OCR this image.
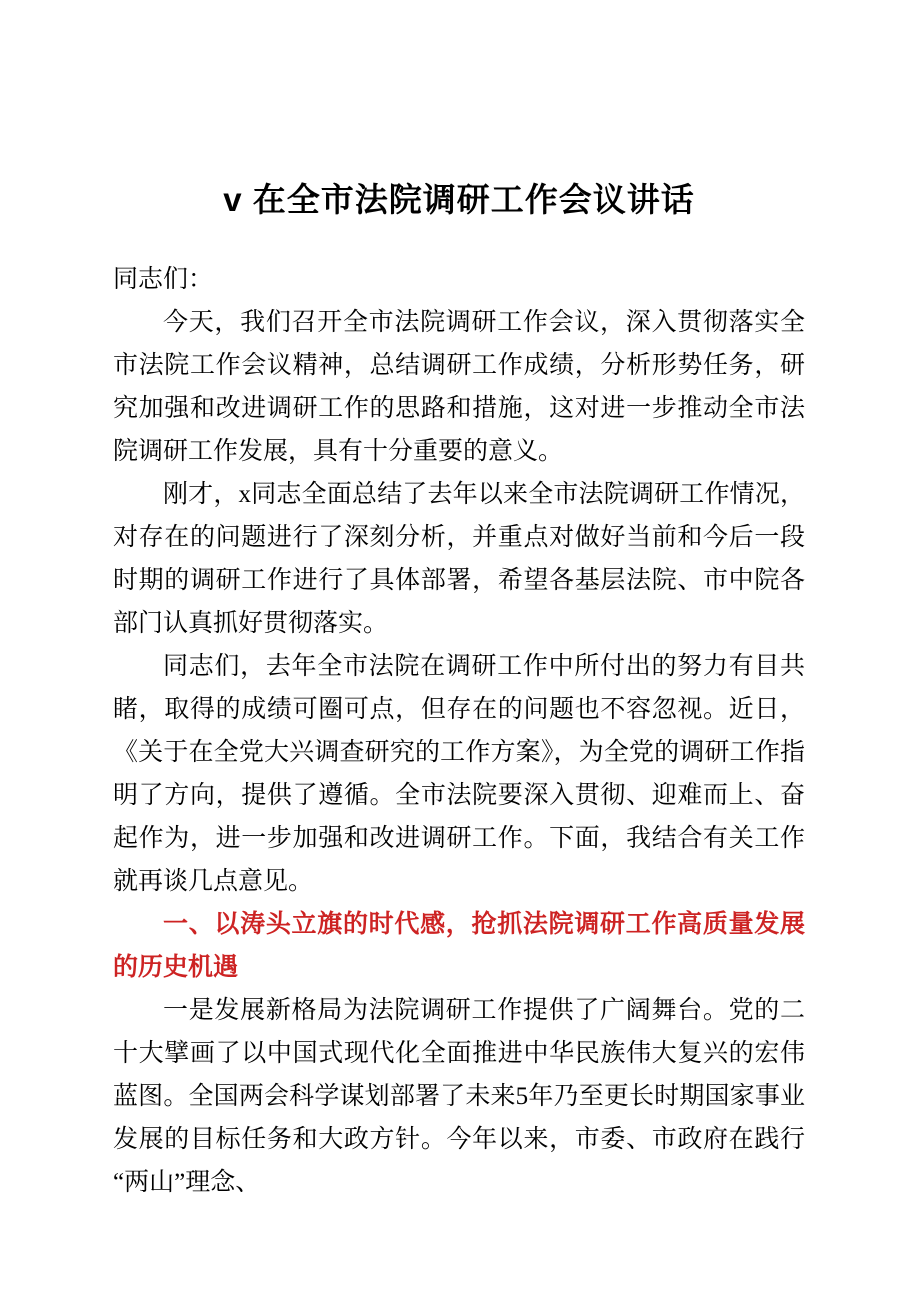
v 在全市法院调研工作会议讲话

同志们：

今天，我们召开全市法院调研工作会议，深入贯彻落实全市法院工作会议精神，总结调研工作成绩，分析形势任务，研究加强和改进调研工作的思路和措施，这对进一步推动全市法院调研工作发展，具有十分重要的意义。

刚才，x同志全面总结了去年以来全市法院调研工作情况，对存在的问题进行了深刻分析，并重点对做好当前和今后一段时期的调研工作进行了具体部署，希望各基层法院、市中院各部门认真抓好贯彻落实。

同志们，去年全市法院在调研工作中所付出的努力有目共睹，取得的成绩可圈可点，但存在的问题也不容忽视。近日，《关于在全党大兴调查研究的工作方案》，为全党的调研工作指明了方向，提供了遵循。全市法院要深入贯彻、迎难而上、奋起作为，进一步加强和改进调研工作。下面，我结合有关工作就再谈几点意见。

一、以涛头立旗的时代感，抢抓法院调研工作高质量发展的历史机遇

一是发展新格局为法院调研工作提供了广阔舞台。党的二十大擘画了以中国式现代化全面推进中华民族伟大复兴的宏伟蓝图。全国两会科学谋划部署了未来5年乃至更长时期国家事业发展的目标任务和大政方针。今年以来，市委、市政府在践行“两山”理念、
